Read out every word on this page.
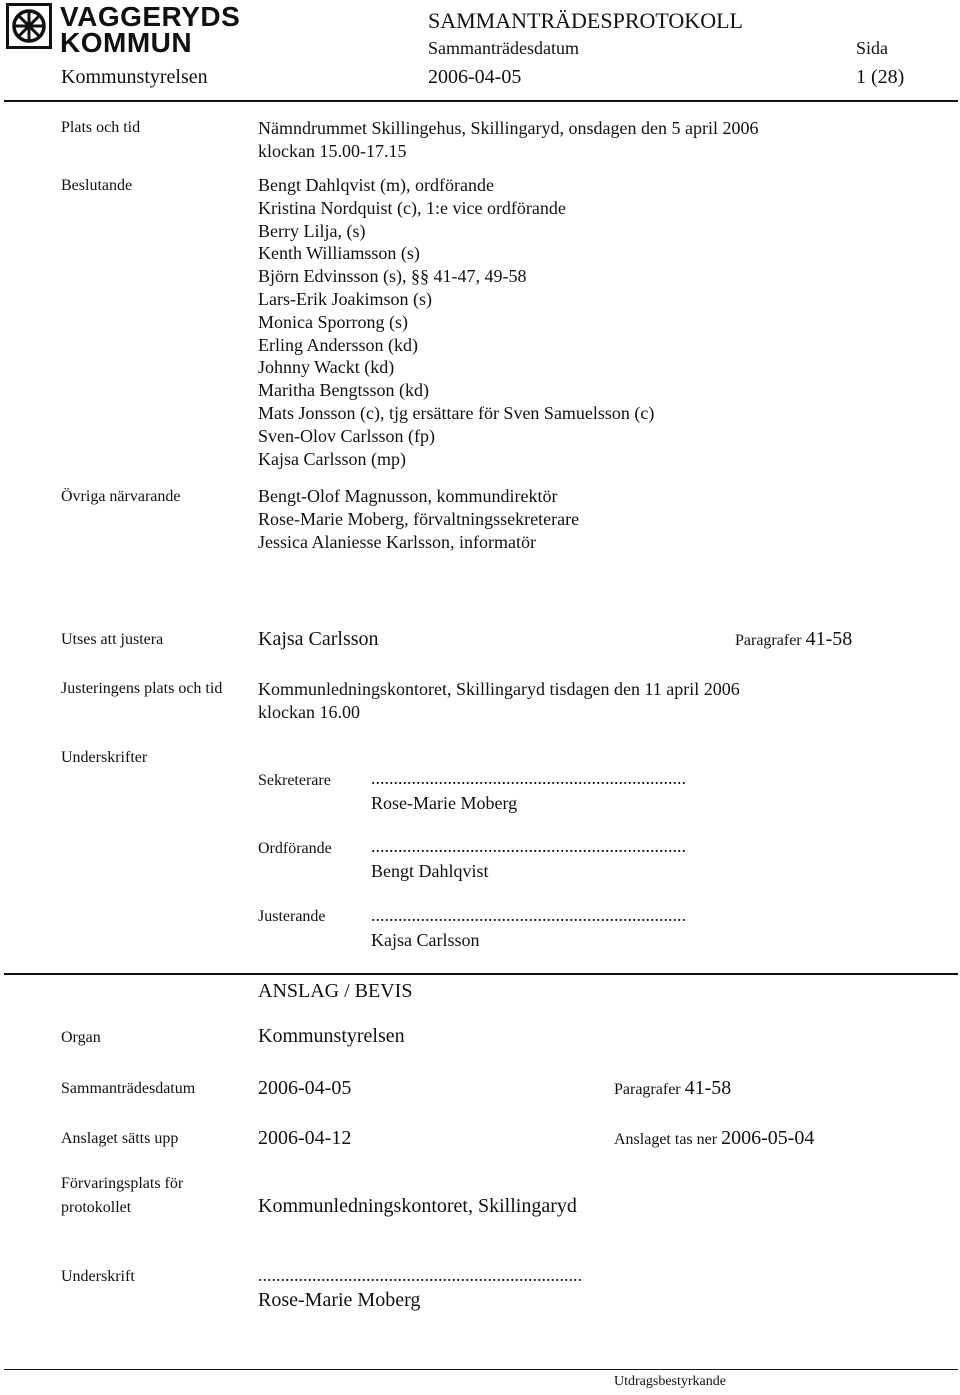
VAGGERYDS
KOMMUN
SAMMANTRÄDESPROTOKOLL
Sammanträdesdatum	Sida
Kommunstyrelsen	2006-04-05	1 (28)
Plats och tid	Nämndrummet Skillingehus, Skillingaryd, onsdagen den 5 april 2006
klockan 15.00-17.15
Beslutande	Bengt Dahlqvist (m), ordförande
Kristina Nordquist (c), 1:e vice ordförande
Berry Lilja, (s)
Kenth Williamsson (s)
Björn Edvinsson (s), §§ 41-47, 49-58
Lars-Erik Joakimson (s)
Monica Sporrong (s)
Erling Andersson (kd)
Johnny Wackt (kd)
Maritha Bengtsson (kd)
Mats Jonsson (c), tjg ersättare för Sven Samuelsson (c)
Sven-Olov Carlsson (fp)
Kajsa Carlsson (mp)
Övriga närvarande	Bengt-Olof Magnusson, kommundirektör
Rose-Marie Moberg, förvaltningssekreterare
Jessica Alaniesse Karlsson, informatör
Utses att justera	Kajsa Carlsson	Paragrafer 41-58
Justeringens plats och tid Kommunledningskontoret, Skillingaryd tisdagen den 11 april 2006
klockan 16.00
Underskrifter
Sekreterare ......................................................................
Rose-Marie Moberg
Ordförande ......................................................................
Bengt Dahlqvist
Justerande	......................................................................
Kajsa Carlsson
ANSLAG / BEVIS
Organ	Kommunstyrelsen
Sammanträdesdatum	2006-04-05	Paragrafer 41-58
Anslaget sätts upp	2006-04-12	Anslaget tas ner 2006-05-04
Förvaringsplats för
protokollet	Kommunledningskontoret, Skillingaryd
Underskrift	........................................................................
Rose-Marie Moberg
Utdragsbestyrkande
